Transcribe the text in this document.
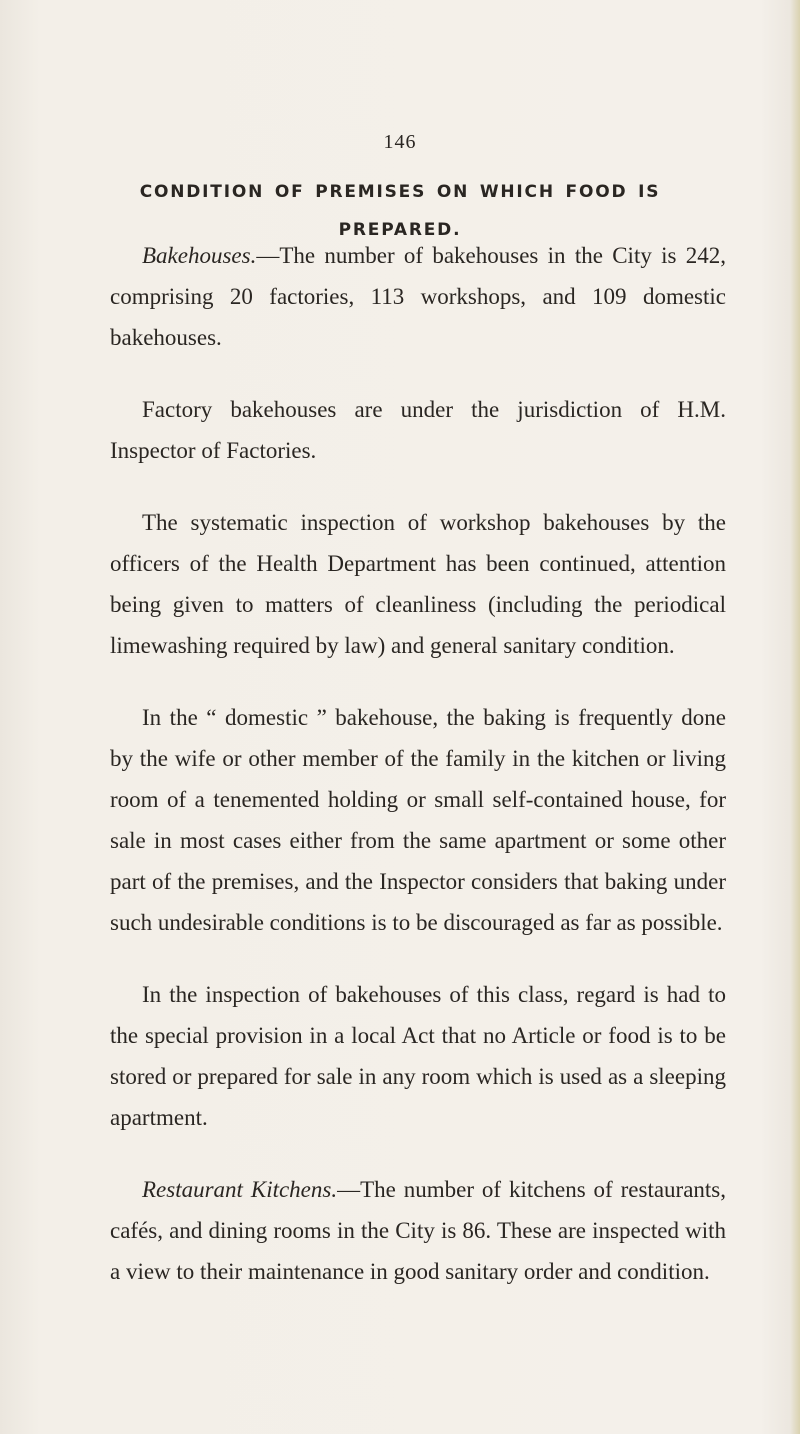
146
CONDITION OF PREMISES ON WHICH FOOD IS PREPARED.

Bakehouses.—The number of bakehouses in the City is 242, comprising 20 factories, 113 workshops, and 109 domestic bakehouses.

Factory bakehouses are under the jurisdiction of H.M. Inspector of Factories.

The systematic inspection of workshop bakehouses by the officers of the Health Department has been continued, attention being given to matters of cleanliness (including the periodical limewashing required by law) and general sanitary condition.

In the “ domestic ” bakehouse, the baking is frequently done by the wife or other member of the family in the kitchen or living room of a tenemented holding or small self-contained house, for sale in most cases either from the same apartment or some other part of the premises, and the Inspector considers that baking under such undesirable conditions is to be discouraged as far as possible.

In the inspection of bakehouses of this class, regard is had to the special provision in a local Act that no Article or food is to be stored or prepared for sale in any room which is used as a sleeping apartment.

Restaurant Kitchens.—The number of kitchens of restaurants, cafés, and dining rooms in the City is 86. These are inspected with a view to their maintenance in good sanitary order and condition.
